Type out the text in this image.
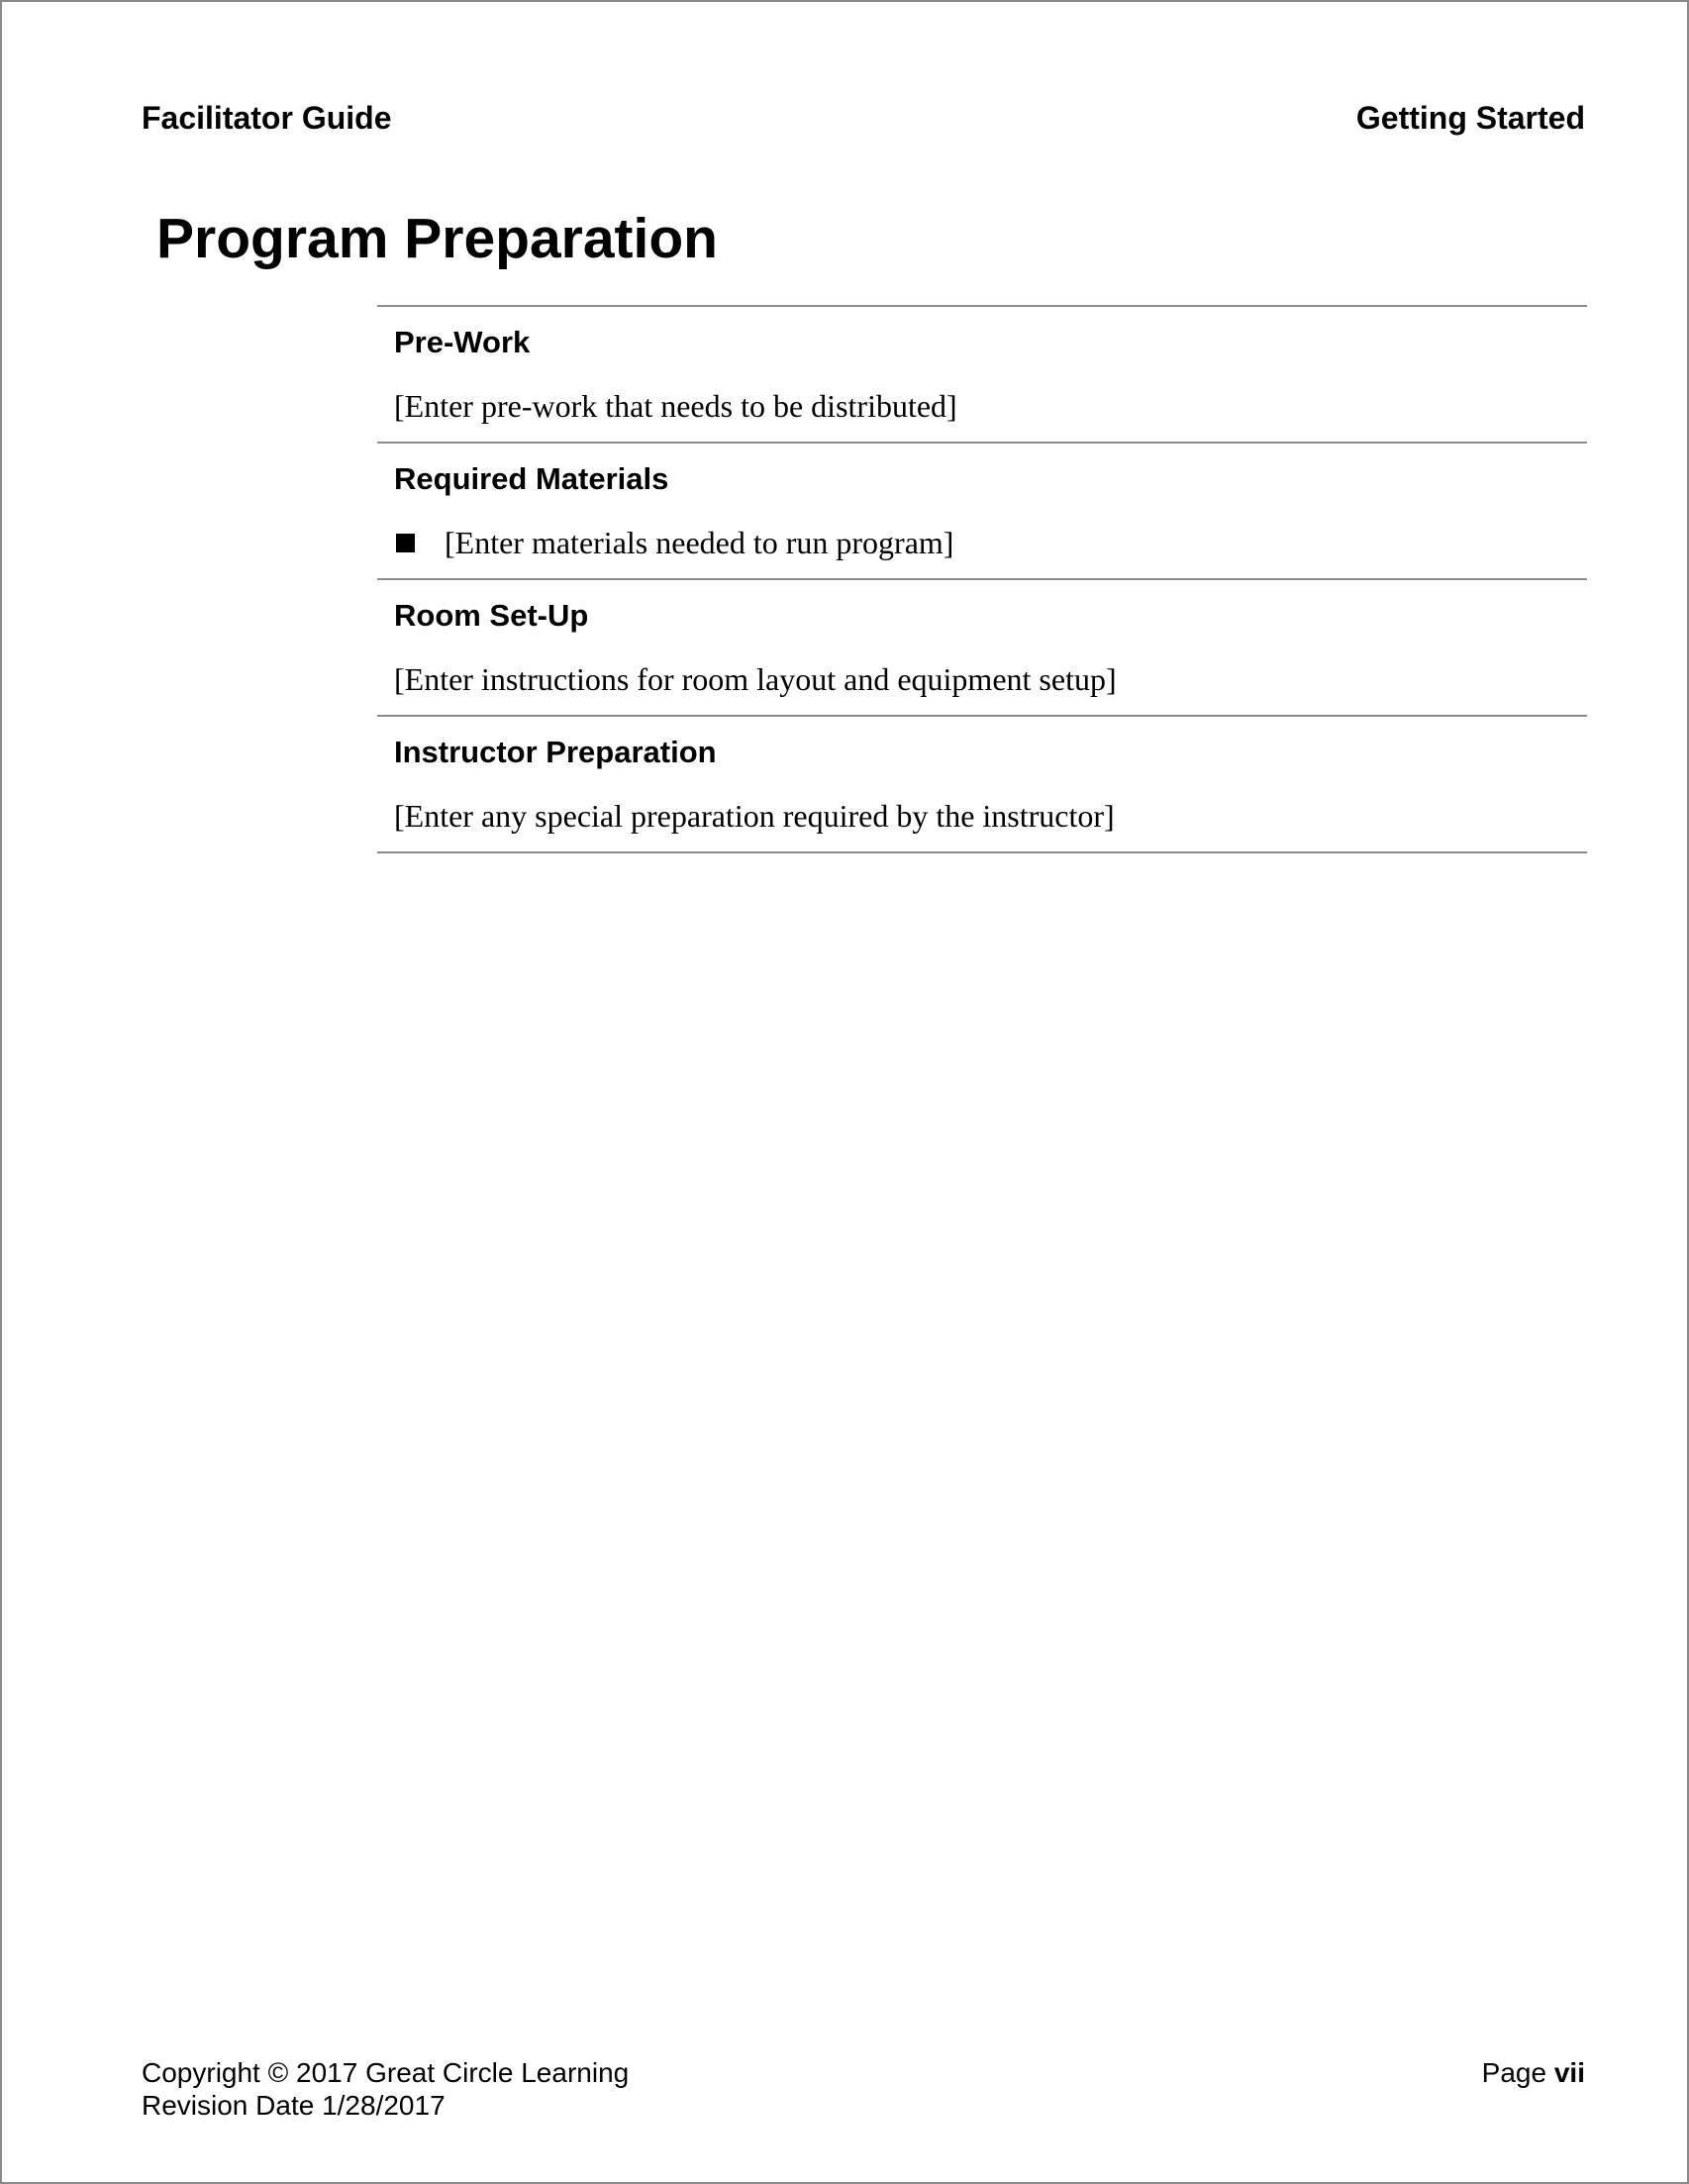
Facilitator Guide	Getting Started
Program Preparation
Pre-Work
[Enter pre-work that needs to be distributed]
Required Materials
[Enter materials needed to run program]
Room Set-Up
[Enter instructions for room layout and equipment setup]
Instructor Preparation
[Enter any special preparation required by the instructor]
Copyright © 2017 Great Circle Learning
Revision Date 1/28/2017
Page vii
